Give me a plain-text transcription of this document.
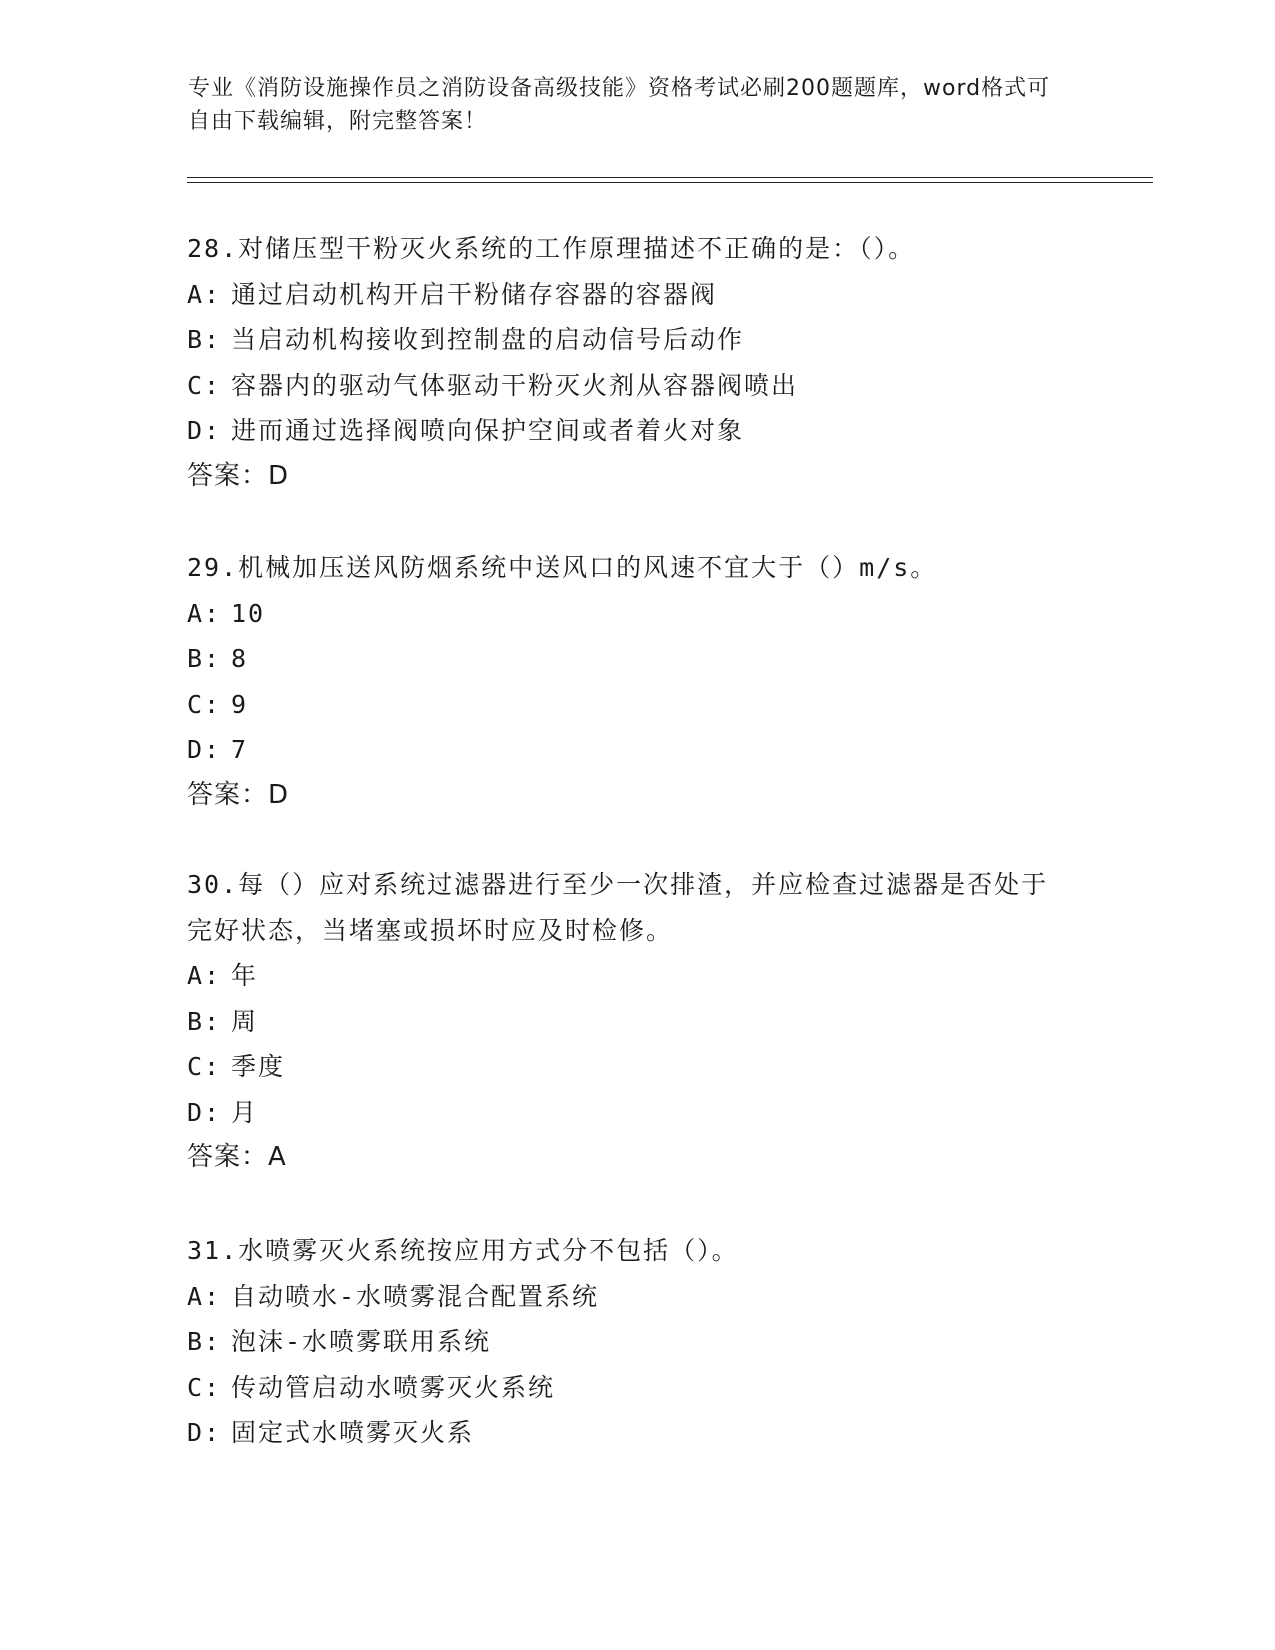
专业《消防设施操作员之消防设备高级技能》资格考试必刷200题题库，word格式可自由下载编辑，附完整答案！
28.对储压型干粉灭火系统的工作原理描述不正确的是：（）。
A: 通过启动机构开启干粉储存容器的容器阀
B: 当启动机构接收到控制盘的启动信号后动作
C: 容器内的驱动气体驱动干粉灭火剂从容器阀喷出
D: 进而通过选择阀喷向保护空间或者着火对象
答案：D
29.机械加压送风防烟系统中送风口的风速不宜大于（）m/s。
A: 10
B: 8
C: 9
D: 7
答案：D
30.每（）应对系统过滤器进行至少一次排渣，并应检查过滤器是否处于完好状态，当堵塞或损坏时应及时检修。
A: 年
B: 周
C: 季度
D: 月
答案：A
31.水喷雾灭火系统按应用方式分不包括（）。
A: 自动喷水-水喷雾混合配置系统
B: 泡沫-水喷雾联用系统
C: 传动管启动水喷雾灭火系统
D: 固定式水喷雾灭火系
